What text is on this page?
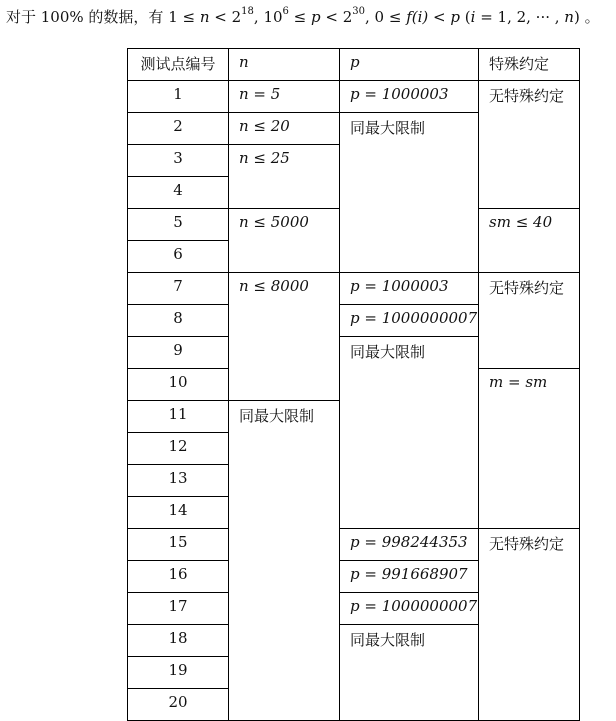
对于 100% 的数据，有 $1 \le n < 2^{18}$, $10^6 \le p < 2^{30}$, 0 ≤ f(i) < p (i = 1, 2, ··· , n) 。
测试点编号	n	p	特殊约定
1	n = 5	p = 1000003	无特殊约定
2	n ≤ 20	同最大限制	
3	n ≤ 25		
4			
5	n ≤ 5000		sm ≤ 40
6			
7	n ≤ 8000	p = 1000003	无特殊约定
8		p = 1000000007	
9		同最大限制	
10			m = sm
11	同最大限制		
12			
13			
14			
15		p = 998244353	无特殊约定
16		p = 991668907	
17		p = 1000000007	
18		同最大限制	
19			
20			
